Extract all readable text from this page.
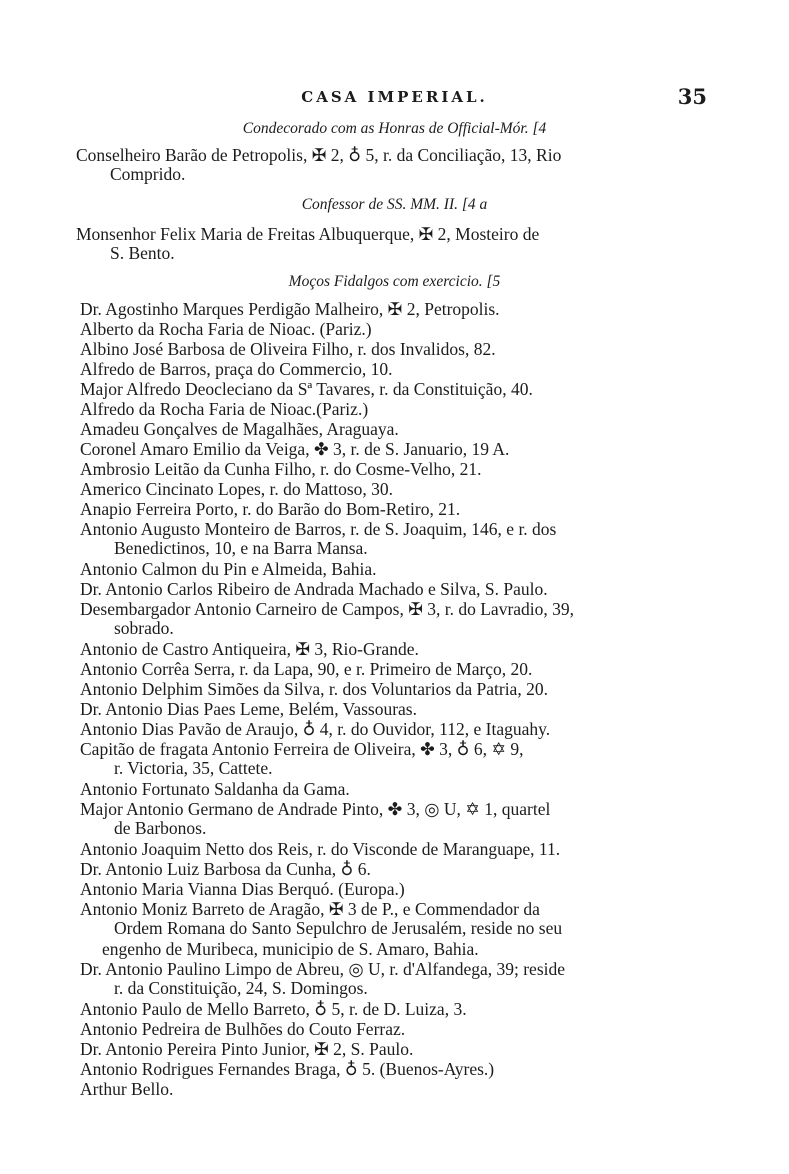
CASA IMPERIAL.	35
Condecorado com as Honras de Official-Mór. [4
Conselheiro Barão de Petropolis, ✠ 2, ♁ 5, r. da Conciliação, 13, Rio
Comprido.
Confessor de SS. MM. II. [4 a
Monsenhor Felix Maria de Freitas Albuquerque, ✠ 2, Mosteiro de
S. Bento.
Moços Fidalgos com exercicio. [5
Dr. Agostinho Marques Perdigão Malheiro, ✠ 2, Petropolis.
Alberto da Rocha Faria de Nioac. (Pariz.)
Albino José Barbosa de Oliveira Filho, r. dos Invalidos, 82.
Alfredo de Barros, praça do Commercio, 10.
Major Alfredo Deocleciano da Sª Tavares, r. da Constituição, 40.
Alfredo da Rocha Faria de Nioac.(Pariz.)
Amadeu Gonçalves de Magalhães, Araguaya.
Coronel Amaro Emilio da Veiga, ✤ 3, r. de S. Januario, 19 A.
Ambrosio Leitão da Cunha Filho, r. do Cosme-Velho, 21.
Americo Cincinato Lopes, r. do Mattoso, 30.
Anapio Ferreira Porto, r. do Barão do Bom-Retiro, 21.
Antonio Augusto Monteiro de Barros, r. de S. Joaquim, 146, e r. dos
Benedictinos, 10, e na Barra Mansa.
Antonio Calmon du Pin e Almeida, Bahia.
Dr. Antonio Carlos Ribeiro de Andrada Machado e Silva, S. Paulo.
Desembargador Antonio Carneiro de Campos, ✠ 3, r. do Lavradio, 39,
sobrado.
Antonio de Castro Antiqueira, ✠ 3, Rio-Grande.
Antonio Corrêa Serra, r. da Lapa, 90, e r. Primeiro de Março, 20.
Antonio Delphim Simões da Silva, r. dos Voluntarios da Patria, 20.
Dr. Antonio Dias Paes Leme, Belém, Vassouras.
Antonio Dias Pavão de Araujo, ♁ 4, r. do Ouvidor, 112, e Itaguahy.
Capitão de fragata Antonio Ferreira de Oliveira, ✤ 3, ♁ 6, ✡ 9,
r. Victoria, 35, Cattete.
Antonio Fortunato Saldanha da Gama.
Major Antonio Germano de Andrade Pinto, ✤ 3, ◎ U, ✡ 1, quartel
de Barbonos.
Antonio Joaquim Netto dos Reis, r. do Visconde de Maranguape, 11.
Dr. Antonio Luiz Barbosa da Cunha, ♁ 6.
Antonio Maria Vianna Dias Berquó. (Europa.)
Antonio Moniz Barreto de Aragão, ✠ 3 de P., e Commendador da
Ordem Romana do Santo Sepulchro de Jerusalém, reside no seu
engenho de Muribeca, municipio de S. Amaro, Bahia.
Dr. Antonio Paulino Limpo de Abreu, ◎ U, r. d'Alfandega, 39; reside
r. da Constituição, 24, S. Domingos.
Antonio Paulo de Mello Barreto, ♁ 5, r. de D. Luiza, 3.
Antonio Pedreira de Bulhões do Couto Ferraz.
Dr. Antonio Pereira Pinto Junior, ✠ 2, S. Paulo.
Antonio Rodrigues Fernandes Braga, ♁ 5. (Buenos-Ayres.)
Arthur Bello.
